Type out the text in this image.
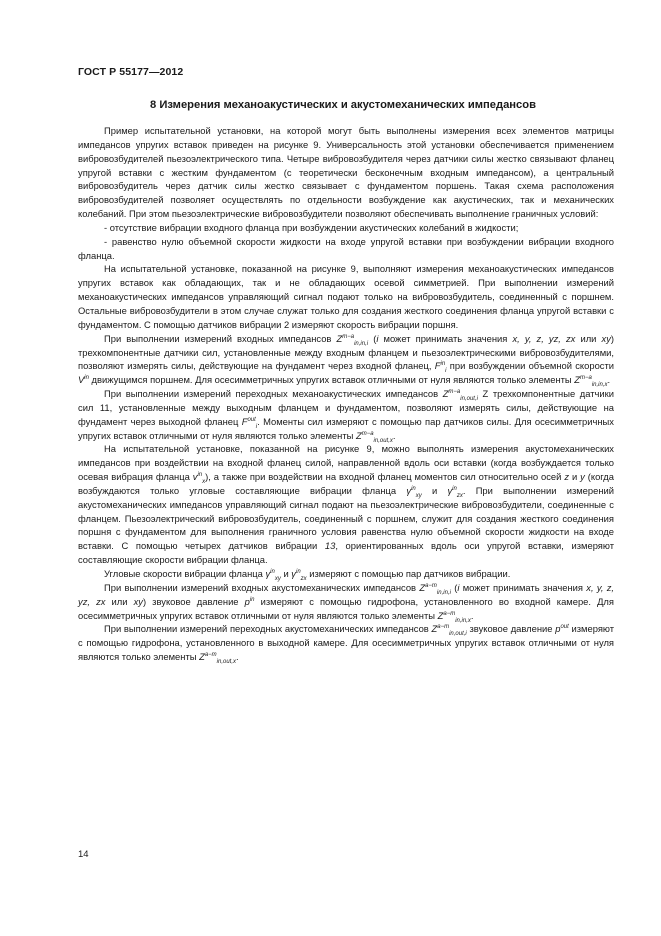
ГОСТ Р 55177—2012
8 Измерения механоакустических и акустомеханических импедансов

Пример испытательной установки, на которой могут быть выполнены измерения всех элементов матрицы импедансов упругих вставок приведен на рисунке 9. Универсальность этой установки обеспечивается применением вибровозбудителей пьезоэлектрического типа. Четыре вибровозбудителя через датчики силы жестко связывают фланец упругой вставки с жестким фундаментом (с теоретически бесконечным входным импедансом), а центральный вибровозбудитель через датчик силы жестко связывает с фундаментом поршень. Такая схема расположения вибровозбудителей позволяет осуществлять по отдельности возбуждение как акустических, так и механических колебаний. При этом пьезоэлектрические вибровозбудители позволяют обеспечивать выполнение граничных условий:

- отсутствие вибрации входного фланца при возбуждении акустических колебаний в жидкости;

- равенство нулю объемной скорости жидкости на входе упругой вставки при возбуждении вибрации входного фланца.

На испытательной установке, показанной на рисунке 9, выполняют измерения механоакустических импедансов упругих вставок как обладающих, так и не обладающих осевой симметрией. При выполнении измерений механоакустических импедансов управляющий сигнал подают только на вибровозбудитель, соединенный с поршнем. Остальные вибровозбудители в этом случае служат только для создания жесткого соединения фланца упругой вставки с фундаментом. С помощью датчиков вибрации 2 измеряют скорость вибрации поршня.

При выполнении измерений входных импедансов $Z^{m-a}_{in,in,i}$ (i может принимать значения x, y, z, yz, zx или xy) трехкомпонентные датчики сил, установленные между входным фланцем и пьезоэлектрическими вибровозбудителями, позволяют измерять силы, действующие на фундамент через входной фланец, $F^{in}_i$ при возбуждении объемной скорости $V^{in}$ движущимся поршнем. Для осесимметричных упругих вставок отличными от нуля являются только элементы $Z^{m-a}_{in,in,x}$.

При выполнении измерений переходных механоакустических импедансов $Z^{m-a}_{in,out,i}$ Z трехкомпонентные датчики сил 11, установленные между выходным фланцем и фундаментом, позволяют измерять силы, действующие на фундамент через выходной фланец $F^{out}_i$. Моменты сил измеряют с помощью пар датчиков силы. Для осесимметричных упругих вставок отличными от нуля являются только элементы $Z^{m-a}_{in,out,x}$.

На испытательной установке, показанной на рисунке 9, можно выполнять измерения акустомеханических импедансов при воздействии на входной фланец силой, направленной вдоль оси вставки (когда возбуждается только осевая вибрация фланца $v^{in}_x$), а также при воздействии на входной фланец моментов сил относительно осей z и y (когда возбуждаются только угловые составляющие вибрации фланца $\gamma^{in}_{xy}$ и $\gamma^{in}_{zx}$. При выполнении измерений акустомеханических импедансов управляющий сигнал подают на пьезоэлектрические вибровозбудители, соединенные с фланцем. Пьезоэлектрический вибровозбудитель, соединенный с поршнем, служит для создания жесткого соединения поршня с фундаментом для выполнения граничного условия равенства нулю объемной скорости жидкости на входе вставки. С помощью четырех датчиков вибрации 13, ориентированных вдоль оси упругой вставки, измеряют составляющие скорости вибрации фланца.

Угловые скорости вибрации фланца $\gamma^{in}_{xy}$ и $\gamma^{in}_{zx}$ измеряют с помощью пар датчиков вибрации.

При выполнении измерений входных акустомеханических импедансов $Z^{a-m}_{in,in,i}$ (i может принимать значения x, y, z, yz, zx или xy) звуковое давление $p^{in}$ измеряют с помощью гидрофона, установленного во входной камере. Для осесимметричных упругих вставок отличными от нуля являются только элементы $Z^{a-m}_{in,in,x}$.

При выполнении измерений переходных акустомеханических импедансов $Z^{a-m}_{in,out,i}$ звуковое давление $p^{out}$ измеряют с помощью гидрофона, установленного в выходной камере. Для осесимметричных упругих вставок отличными от нуля являются только элементы $Z^{a-m}_{in,out,x}$.

14
